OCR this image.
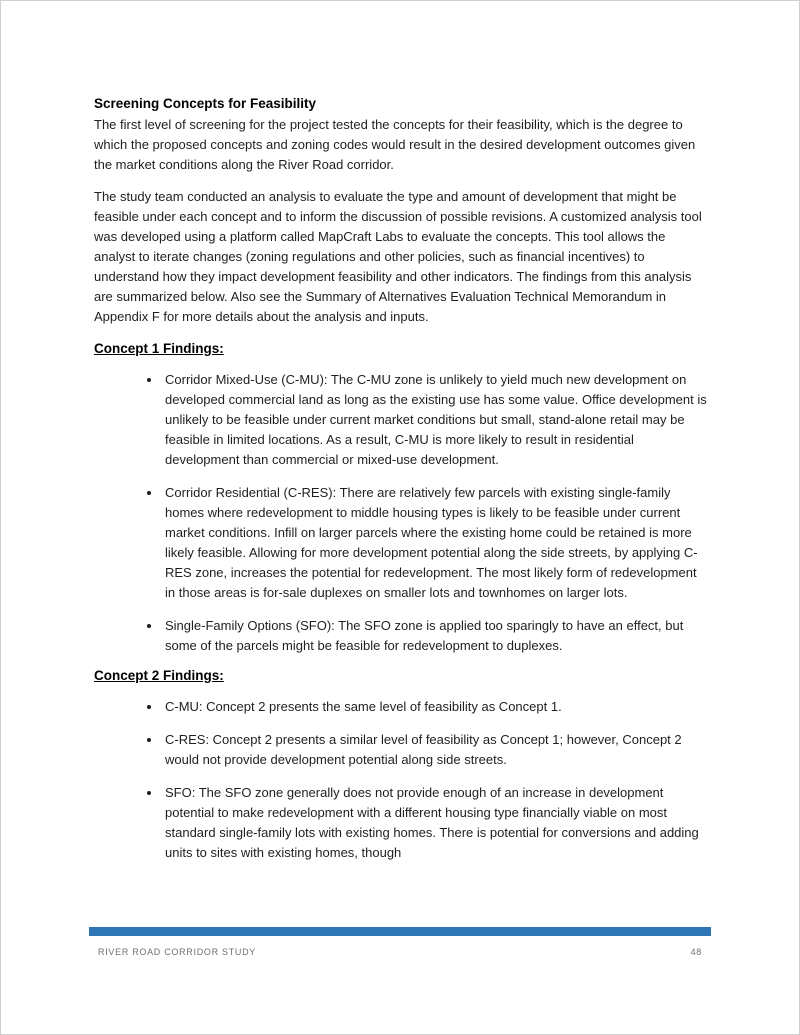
Screening Concepts for Feasibility

The first level of screening for the project tested the concepts for their feasibility, which is the degree to which the proposed concepts and zoning codes would result in the desired development outcomes given the market conditions along the River Road corridor.

The study team conducted an analysis to evaluate the type and amount of development that might be feasible under each concept and to inform the discussion of possible revisions. A customized analysis tool was developed using a platform called MapCraft Labs to evaluate the concepts. This tool allows the analyst to iterate changes (zoning regulations and other policies, such as financial incentives) to understand how they impact development feasibility and other indicators. The findings from this analysis are summarized below. Also see the Summary of Alternatives Evaluation Technical Memorandum in Appendix F for more details about the analysis and inputs.

Concept 1 Findings:
• Corridor Mixed-Use (C-MU): The C-MU zone is unlikely to yield much new development on developed commercial land as long as the existing use has some value. Office development is unlikely to be feasible under current market conditions but small, stand-alone retail may be feasible in limited locations. As a result, C-MU is more likely to result in residential development than commercial or mixed-use development.
• Corridor Residential (C-RES): There are relatively few parcels with existing single-family homes where redevelopment to middle housing types is likely to be feasible under current market conditions. Infill on larger parcels where the existing home could be retained is more likely feasible. Allowing for more development potential along the side streets, by applying C-RES zone, increases the potential for redevelopment. The most likely form of redevelopment in those areas is for-sale duplexes on smaller lots and townhomes on larger lots.
• Single-Family Options (SFO): The SFO zone is applied too sparingly to have an effect, but some of the parcels might be feasible for redevelopment to duplexes.
Concept 2 Findings:
• C-MU: Concept 2 presents the same level of feasibility as Concept 1.
• C-RES: Concept 2 presents a similar level of feasibility as Concept 1; however, Concept 2 would not provide development potential along side streets.
• SFO: The SFO zone generally does not provide enough of an increase in development potential to make redevelopment with a different housing type financially viable on most standard single-family lots with existing homes. There is potential for conversions and adding units to sites with existing homes, though
RIVER ROAD CORRIDOR STUDY	48
